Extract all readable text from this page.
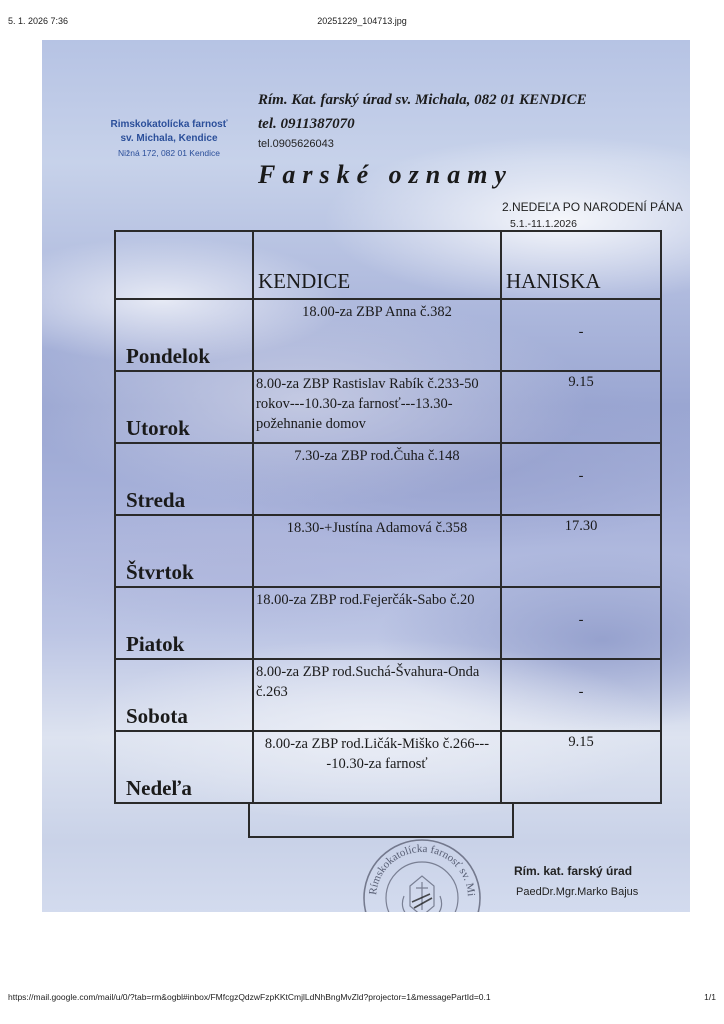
5. 1. 2026 7:36	20251229_104713.jpg
Rimskokatolícka farnosť
sv. Michala, Kendice
Nižná 172, 082 01 Kendice
Rím. Kat. farský úrad sv. Michala, 082 01 KENDICE
tel. 0911387070
tel.0905626043
Farské oznamy
2.NEDEĽA PO NARODENÍ PÁNA
5.1.-11.1.2026

	KENDICE	HANISKA

Pondelok	18.00-za ZBP Anna č.382	-

Utorok	8.00-za ZBP Rastislav Rabík č.233-50 rokov---10.30-za farnosť---13.30-požehnanie domov	9.15

Streda	7.30-za ZBP rod.Čuha č.148	-

Štvrtok	18.30-+Justína Adamová č.358	17.30

Piatok	18.00-za ZBP rod.Fejerčák-Sabo č.20	-

Sobota	8.00-za ZBP rod.Suchá-Švahura-Onda č.263	-

Nedeľa	8.00-za ZBP rod.Ličák-Miško č.266----10.30-za farnosť	9.15
Rímskokatolícka farnosť sv. Mi
Rím. kat. farský úrad
PaedDr.Mgr.Marko Bajus
https://mail.google.com/mail/u/0/?tab=rm&ogbl#inbox/FMfcgzQdzwFzpKKtCmjlLdNhBngMvZld?projector=1&messagePartId=0.1	1/1
